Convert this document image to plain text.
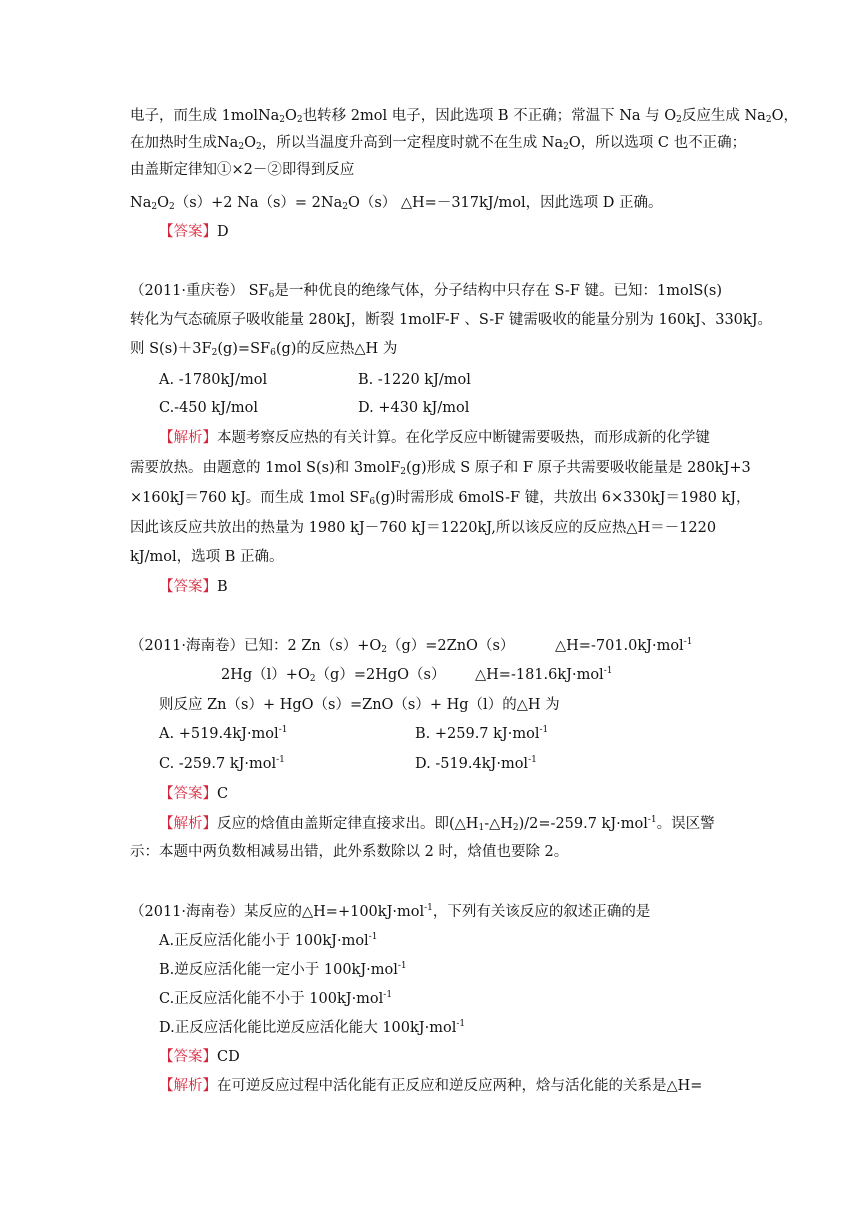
电子，而生成 $1molNa_2O_2$也转移 2mol 电子，因此选项 B 不正确；常温下 Na 与 $O_2$反应生成 $Na_2O$，
在加热时生成$Na_2O_2$，所以当温度升高到一定程度时就不在生成 $Na_2O$，所以选项 C 也不正确；
由盖斯定律知①×2－②即得到反应
$Na_2O_2(s)+2$ $Na(s)= 2Na_2O(s)$ △H=－317kJ/mol，因此选项 D 正确。
【答案】D
（2011·重庆卷） $SF_6$是一种优良的绝缘气体，分子结构中只存在 S-F 键。已知：1molS(s)
转化为气态硫原子吸收能量 280kJ，断裂 1molF-F 、S-F 键需吸收的能量分别为 160kJ、330kJ。
则 $S(s)+3F_2(g)=SF_6(g)$的反应热△H 为
A. -1780kJ/mol	B. -1220 kJ/mol
C.-450 kJ/mol	D. +430 kJ/mol
【解析】本题考察反应热的有关计算。在化学反应中断键需要吸热，而形成新的化学键
需要放热。由题意的 1mol S(s)和 3molF$_2$(g)形成 S 原子和 F 原子共需要吸收能量是 280kJ+3
×160kJ＝760 kJ。而生成 1mol $SF_6(g)$时需形成 6molS-F 键，共放出 6×330kJ＝1980 kJ，
因此该反应共放出的热量为 1980 kJ－760 kJ＝1220kJ,所以该反应的反应热△H＝－1220
kJ/mol，选项 B 正确。
【答案】B
（2011·海南卷）已知：2 $Zn(s)+O_2(g)=2ZnO(s)$	△H=-701.0kJ·mol$^{-1}$
$2Hg(l)+O_2(g)=2HgO(s)$ △H=-181.6kJ·mol$^{-1}$
则反应 Zn（s）+ HgO（s）=ZnO（s）+ Hg（l）的△H 为
A. +519.4kJ·mol$^{-1}$	B. +259.7 kJ·mol$^{-1}$
C. -259.7 kJ·mol$^{-1}$	D. -519.4kJ·mol$^{-1}$
【答案】C
【解析】反应的焓值由盖斯定律直接求出。即$(\triangle H_1-\triangle H_2)/2=-259.7$ kJ·mol$^{-1}$。误区警
示：本题中两负数相减易出错，此外系数除以 2 时，焓值也要除 2。
（2011·海南卷）某反应的△H=+100kJ·mol$^{-1}$，下列有关该反应的叙述正确的是
A.正反应活化能小于 100kJ·mol$^{-1}$
B.逆反应活化能一定小于 100kJ·mol$^{-1}$
C.正反应活化能不小于 100kJ·mol$^{-1}$
D.正反应活化能比逆反应活化能大 100kJ·mol$^{-1}$
【答案】CD
【解析】在可逆反应过程中活化能有正反应和逆反应两种，焓与活化能的关系是△H=
